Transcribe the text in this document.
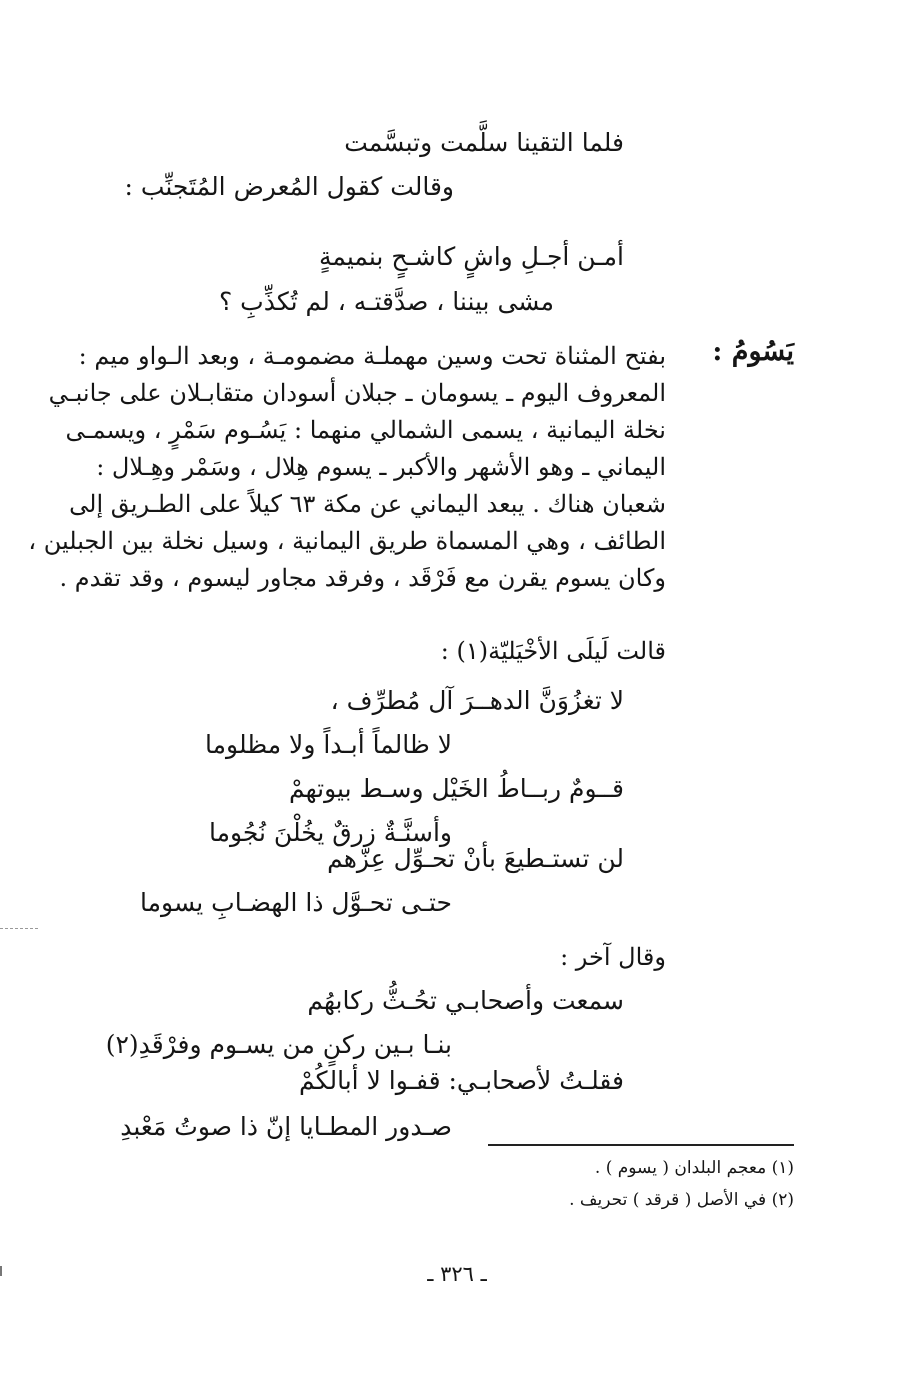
فلما التقينا سلَّمت وتبسَّمت
وقالت كقول المُعرض المُتَجنِّب :
أمـن أجـلِ واشٍ كاشـحٍ بنميمةٍ
مشى بيننا ، صدَّقتـه ، لم تُكذِّبِ ؟
يَسُومُ :
بفتح المثناة تحت وسين مهملـة مضمومـة ، وبعد الـواو ميم :
المعروف اليوم ـ يسومان ـ جبلان أسودان متقابـلان على جانبـي
نخلة اليمانية ، يسمى الشمالي منهما : يَسُـوم سَمْرٍ ، ويسمـى
اليماني ـ وهو الأشهر والأكبر ـ يسوم هِلال ، وسَمْر وهِـلال :
شعبان هناك . يبعد اليماني عن مكة ٦٣ كيلاً على الطـريق إلى
الطائف ، وهي المسماة طريق اليمانية ، وسيل نخلة بين الجبلين ،
وكان يسوم يقرن مع فَرْقَد ، وفرقد مجاور ليسوم ، وقد تقدم .
قالت لَيلَى الأخْيَليّة(١) :
لا تغزُوَنَّ الدهــرَ آل مُطرِّف ،
لا ظالماً أبـداً ولا مظلوما
قــومٌ ربــاطُ الخَيْل وسـط بيوتهمْ
وأسنَّـةٌ زرقٌ يخُلْنَ نُجُوما
لن تستـطيعَ بأنْ تحـوِّل عِزّهم
حتـى تحـوَّل ذا الهضـابِ يسوما
وقال آخر :
سمعت وأصحابـي تحُـثُّ ركابهُم
بنـا بـين ركنٍ من يسـوم وفرْقَدِ(٢)
فقلـتُ لأصحابـي: قفـوا لا أبالكُمْ
صـدور المطـايا إنّ ذا صوتُ مَعْبدِ
(١) معجم البلدان ( يسوم ) .
(٢) في الأصل ( قرقد ) تحريف .
ـ ٣٢٦ ـ
